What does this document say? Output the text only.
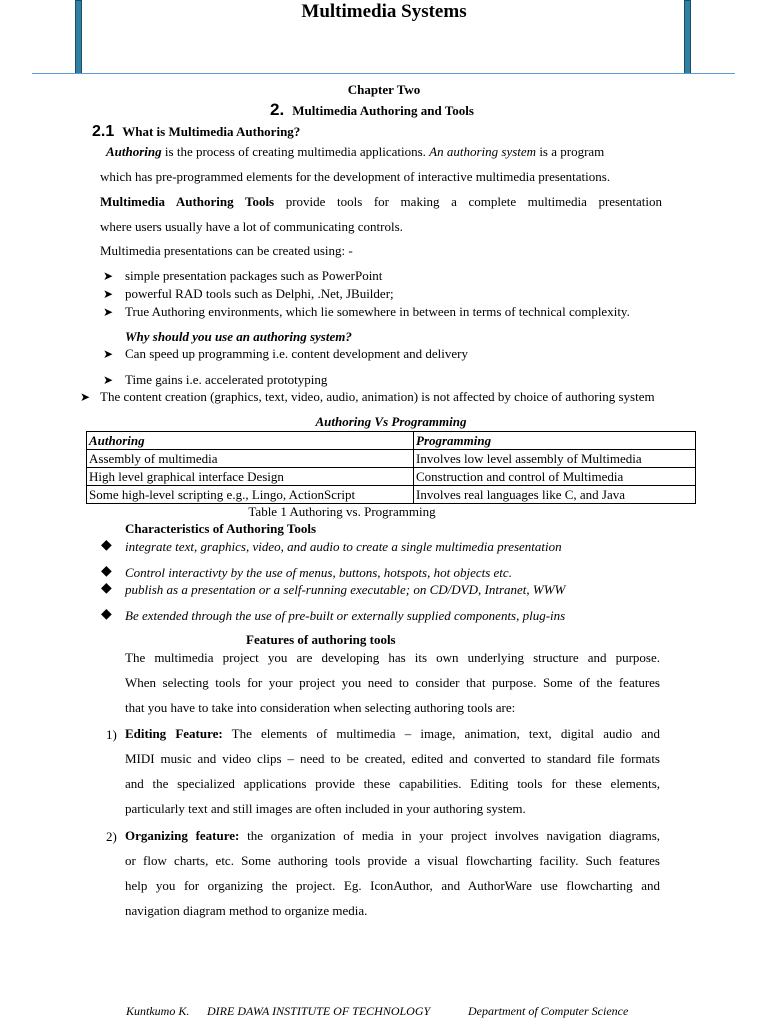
Multimedia Systems
Chapter Two
2. Multimedia Authoring and Tools
2.1 What is Multimedia Authoring?
Authoring is the process of creating multimedia applications. An authoring system is a program
which has pre-programmed elements for the development of interactive multimedia presentations.
Multimedia Authoring Tools provide tools for making a complete multimedia presentation
where users usually have a lot of communicating controls.
Multimedia presentations can be created using: -
➤ simple presentation packages such as PowerPoint
➤ powerful RAD tools such as Delphi, .Net, JBuilder;
➤ True Authoring environments, which lie somewhere in between in terms of technical complexity.
Why should you use an authoring system?
➤ Can speed up programming i.e. content development and delivery
➤ Time gains i.e. accelerated prototyping
➤ The content creation (graphics, text, video, audio, animation) is not affected by choice of authoring system
Authoring Vs Programming
Authoring	Programming
Assembly of multimedia	Involves low level assembly of Multimedia
High level graphical interface Design	Construction and control of Multimedia
Some high-level scripting e.g., Lingo, ActionScript	Involves real languages like C, and Java
Table 1 Authoring vs. Programming
Characteristics of Authoring Tools
◆ integrate text, graphics, video, and audio to create a single multimedia presentation
◆ Control interactivty by the use of menus, buttons, hotspots, hot objects etc.
◆ publish as a presentation or a self-running executable; on CD/DVD, Intranet, WWW
◆ Be extended through the use of pre-built or externally supplied components, plug-ins
Features of authoring tools
The multimedia project you are developing has its own underlying structure and purpose.
When selecting tools for your project you need to consider that purpose. Some of the features
that you have to take into consideration when selecting authoring tools are:
1) Editing Feature: The elements of multimedia – image, animation, text, digital audio and
MIDI music and video clips – need to be created, edited and converted to standard file formats
and the specialized applications provide these capabilities. Editing tools for these elements,
particularly text and still images are often included in your authoring system.
2) Organizing feature: the organization of media in your project involves navigation diagrams,
or flow charts, etc. Some authoring tools provide a visual flowcharting facility. Such features
help you for organizing the project. Eg. IconAuthor, and AuthorWare use flowcharting and
navigation diagram method to organize media.
Kuntkumo K. DIRE DAWA INSTITUTE OF TECHNOLOGY	Department of Computer Science
